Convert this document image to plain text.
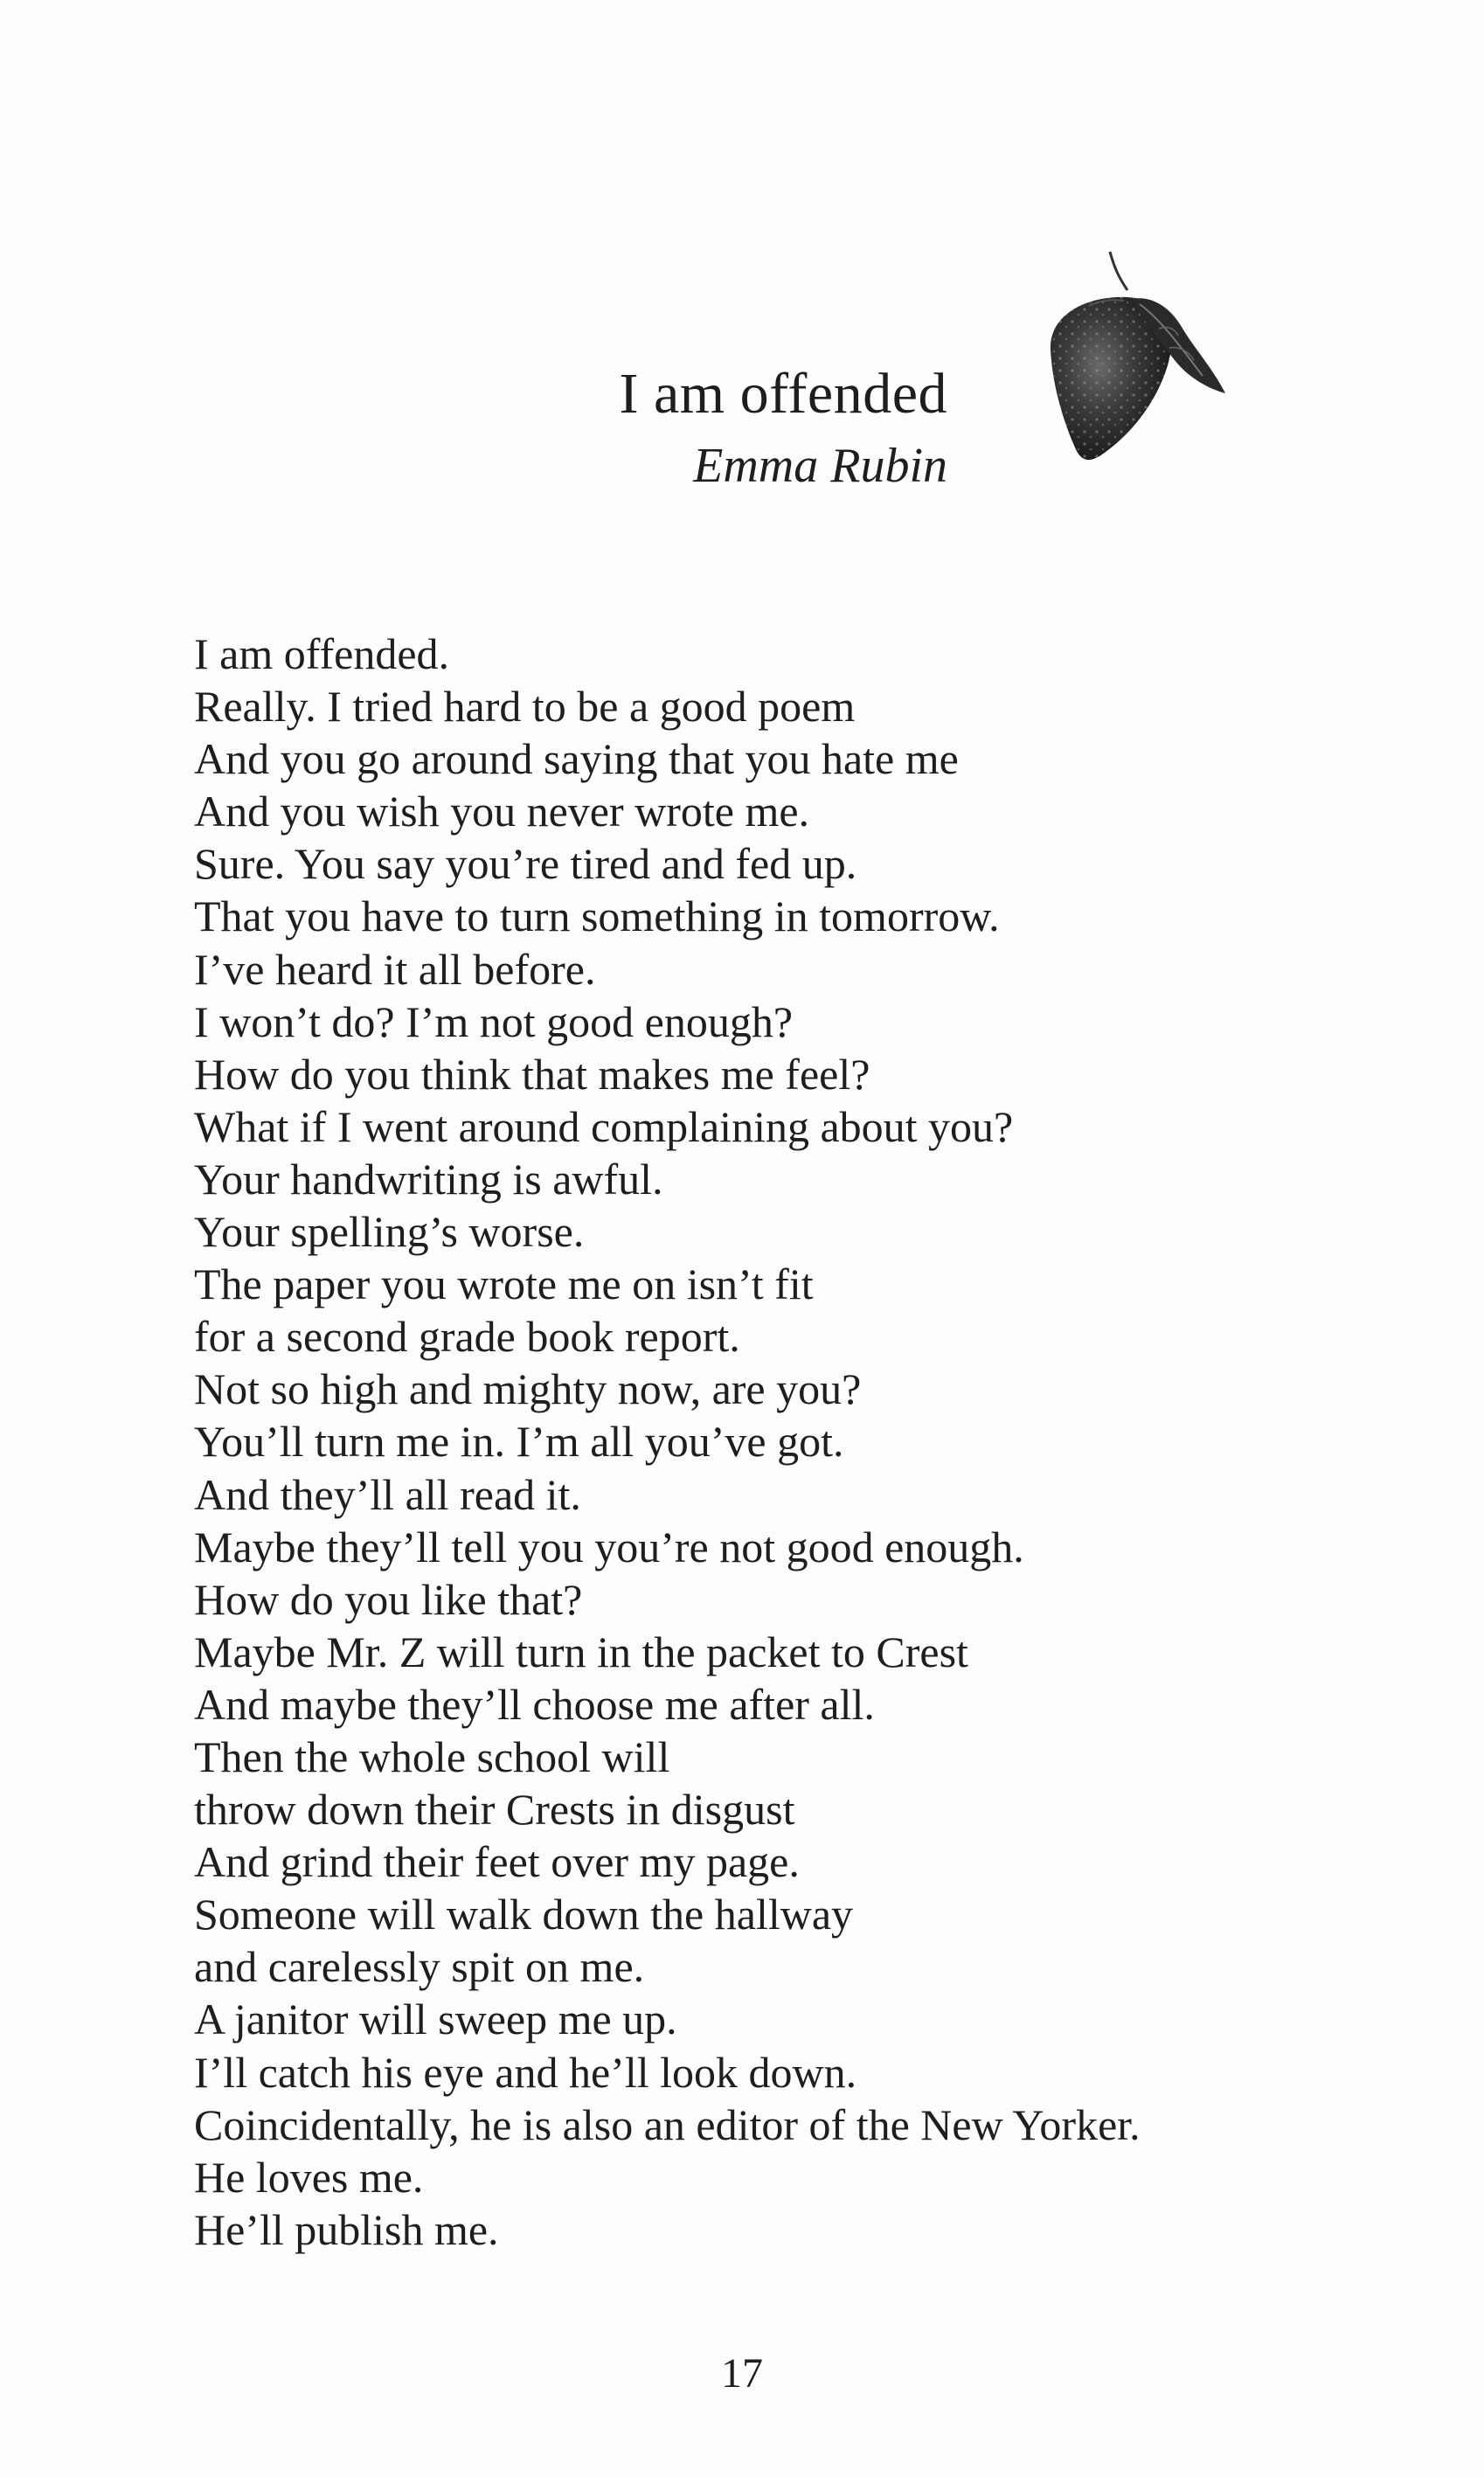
I am offended
Emma Rubin
I am offended.
Really. I tried hard to be a good poem
And you go around saying that you hate me
And you wish you never wrote me.
Sure. You say you’re tired and fed up.
That you have to turn something in tomorrow.
I’ve heard it all before.
I won’t do? I’m not good enough?
How do you think that makes me feel?
What if I went around complaining about you?
Your handwriting is awful.
Your spelling’s worse.
The paper you wrote me on isn’t fit
for a second grade book report.
Not so high and mighty now, are you?
You’ll turn me in. I’m all you’ve got.
And they’ll all read it.
Maybe they’ll tell you you’re not good enough.
How do you like that?
Maybe Mr. Z will turn in the packet to Crest
And maybe they’ll choose me after all.
Then the whole school will
throw down their Crests in disgust
And grind their feet over my page.
Someone will walk down the hallway
and carelessly spit on me.
A janitor will sweep me up.
I’ll catch his eye and he’ll look down.
Coincidentally, he is also an editor of the New Yorker.
He loves me.
He’ll publish me.
17
